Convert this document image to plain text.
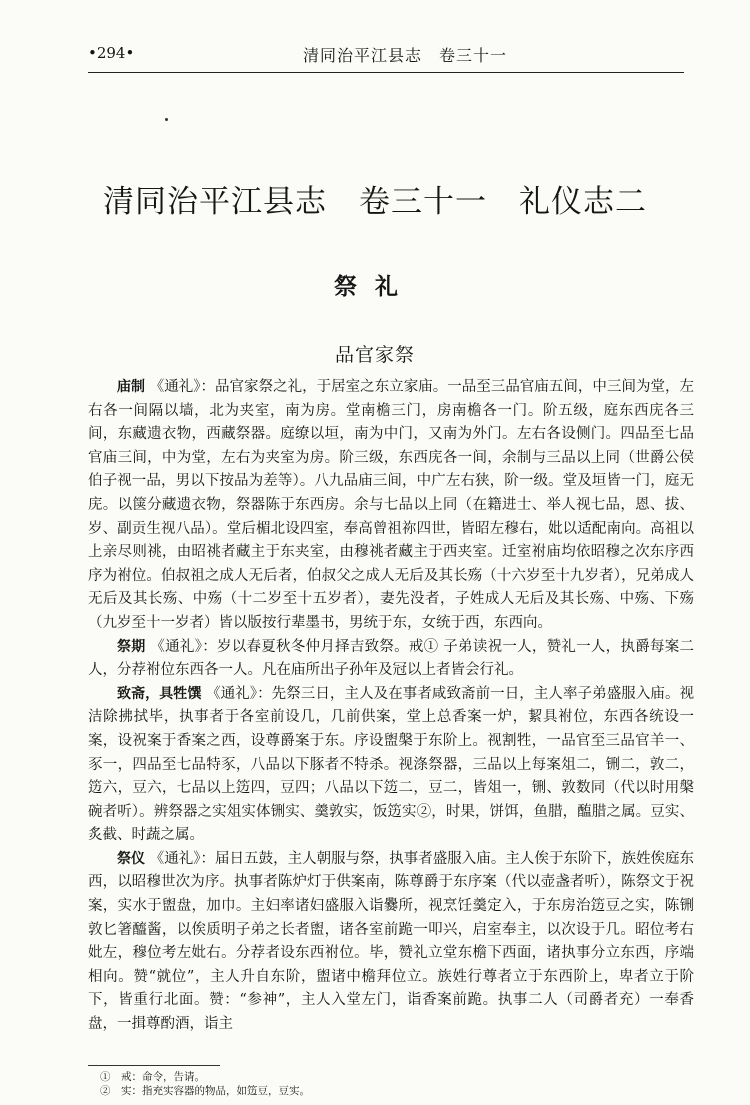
•294•	清同治平江县志　卷三十一
清同治平江县志　卷三十一　礼仪志二
祭礼
品官家祭

庙制 《通礼》：品官家祭之礼，于居室之东立家庙。一品至三品官庙五间，中三间为堂，左右各一间隔以墙，北为夹室，南为房。堂南檐三门，房南檐各一门。阶五级，庭东西庑各三间，东藏遗衣物，西藏祭器。庭缭以垣，南为中门，又南为外门。左右各设侧门。四品至七品官庙三间，中为堂，左右为夹室为房。阶三级，东西庑各一间，余制与三品以上同（世爵公侯伯子视一品，男以下按品为差等）。八九品庙三间，中广左右狭，阶一级。堂及垣皆一门，庭无庑。以箧分藏遗衣物，祭器陈于东西房。余与七品以上同（在籍进士、举人视七品，恩、拔、岁、副贡生视八品）。堂后楣北设四室，奉高曾祖祢四世，皆昭左穆右，妣以适配南向。高祖以上亲尽则祧，由昭祧者藏主于东夹室，由穆祧者藏主于西夹室。迁室祔庙均依昭穆之次东序西序为祔位。伯叔祖之成人无后者，伯叔父之成人无后及其长殇（十六岁至十九岁者），兄弟成人无后及其长殇、中殇（十二岁至十五岁者），妻先没者，子姓成人无后及其长殇、中殇、下殇（九岁至十一岁者）皆以版按行辈墨书，男统于东，女统于西，东西向。

祭期 《通礼》：岁以春夏秋冬仲月择吉致祭。戒① 子弟读祝一人，赞礼一人，执爵每案二人，分荐祔位东西各一人。凡在庙所出子孙年及冠以上者皆会行礼。

致斋，具牲馔 《通礼》：先祭三日，主人及在事者咸致斋前一日，主人率子弟盛服入庙。视洁除拂拭毕，执事者于各室前设几，几前供案，堂上总香案一炉，絜具祔位，东西各统设一案，设祝案于香案之西，设尊爵案于东。序设盥槃于东阶上。视割牲，一品官至三品官羊一、豕一，四品至七品特豕，八品以下豚者不特杀。视涤祭器，三品以上每案俎二，铏二，敦二，笾六，豆六，七品以上笾四，豆四；八品以下笾二，豆二，皆俎一，铏、敦数同（代以时用槃碗者听）。辨祭器之实俎实体铏实、羹敦实，饭笾实②，时果，饼饵，鱼腊，醢腊之属。豆实、炙截、时蔬之属。

祭仪 《通礼》：届日五鼓，主人朝服与祭，执事者盛服入庙。主人俟于东阶下，族姓俟庭东西，以昭穆世次为序。执事者陈炉灯于供案南，陈尊爵于东序案（代以壶盏者听），陈祭文于祝案，实水于盥盘，加巾。主妇率诸妇盛服入诣爨所，视烹饪羹定入，于东房治笾豆之实，陈铏敦匕箸醯酱，以俟质明子弟之长者盥，诸各室前跪一叩兴，启室奉主，以次设于几。昭位考右妣左，穆位考左妣右。分荐者设东西祔位。毕，赞礼立堂东檐下西面，诸执事分立东西，序端相向。赞“就位”，主人升自东阶，盥诸中檐拜位立。族姓行尊者立于东西阶上，卑者立于阶下，皆重行北面。赞：“参神”，主人入堂左门，诣香案前跪。执事二人（司爵者充）一奉香盘，一揖尊酌酒，诣主

①　戒：命令，告请。
②　实：指充实容器的物品，如笾豆，豆实。
